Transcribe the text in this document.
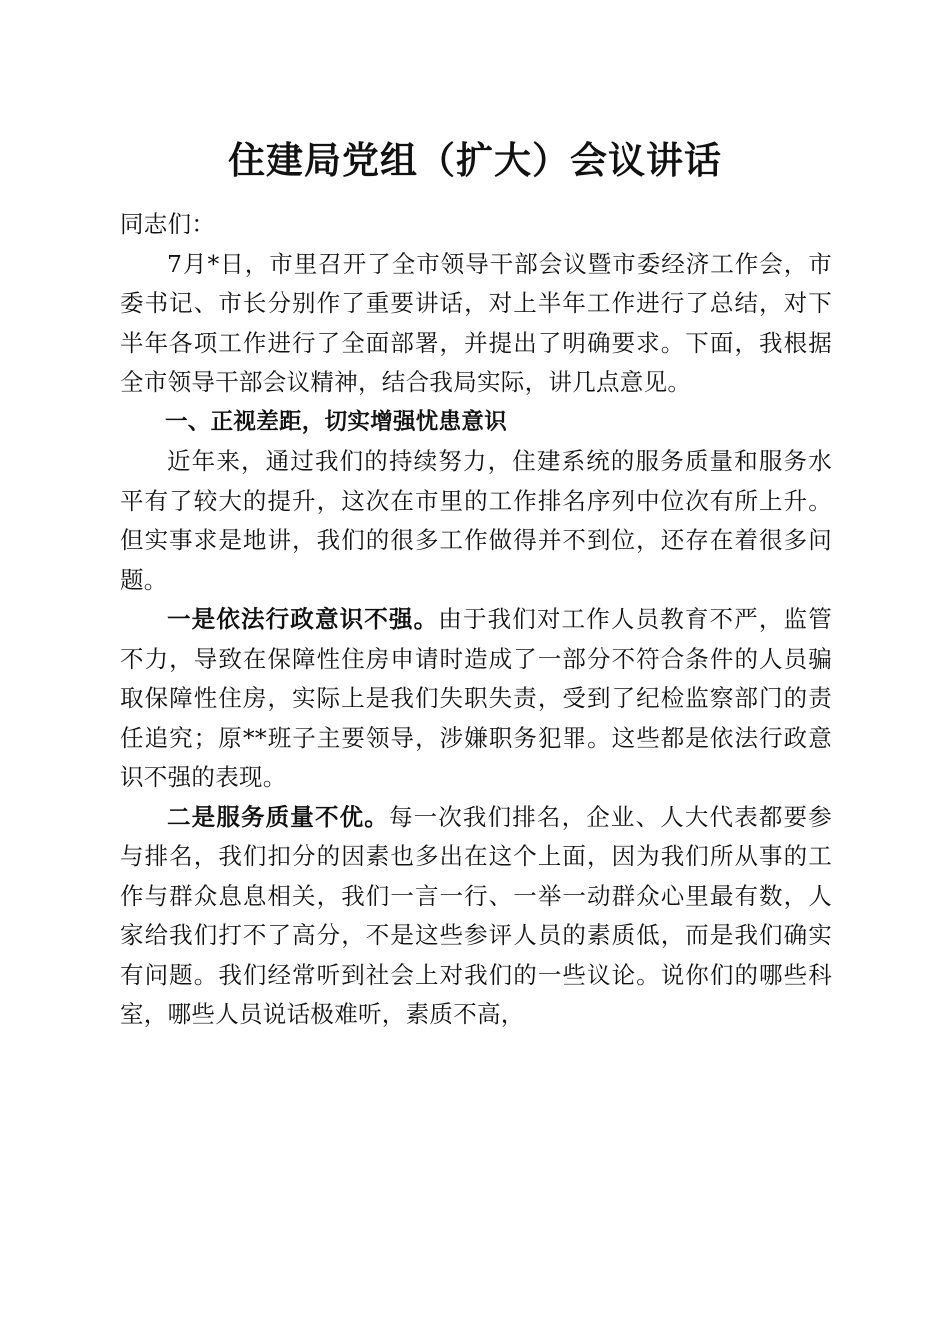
住建局党组（扩大）会议讲话

同志们：

7月*日，市里召开了全市领导干部会议暨市委经济工作会，市委书记、市长分别作了重要讲话，对上半年工作进行了总结，对下半年各项工作进行了全面部署，并提出了明确要求。下面，我根据全市领导干部会议精神，结合我局实际，讲几点意见。

一、正视差距，切实增强忧患意识

近年来，通过我们的持续努力，住建系统的服务质量和服务水平有了较大的提升，这次在市里的工作排名序列中位次有所上升。但实事求是地讲，我们的很多工作做得并不到位，还存在着很多问题。

一是依法行政意识不强。由于我们对工作人员教育不严，监管不力，导致在保障性住房申请时造成了一部分不符合条件的人员骗取保障性住房，实际上是我们失职失责，受到了纪检监察部门的责任追究；原**班子主要领导，涉嫌职务犯罪。这些都是依法行政意识不强的表现。

二是服务质量不优。每一次我们排名，企业、人大代表都要参与排名，我们扣分的因素也多出在这个上面，因为我们所从事的工作与群众息息相关，我们一言一行、一举一动群众心里最有数，人家给我们打不了高分，不是这些参评人员的素质低，而是我们确实有问题。我们经常听到社会上对我们的一些议论。说你们的哪些科室，哪些人员说话极难听，素质不高，
